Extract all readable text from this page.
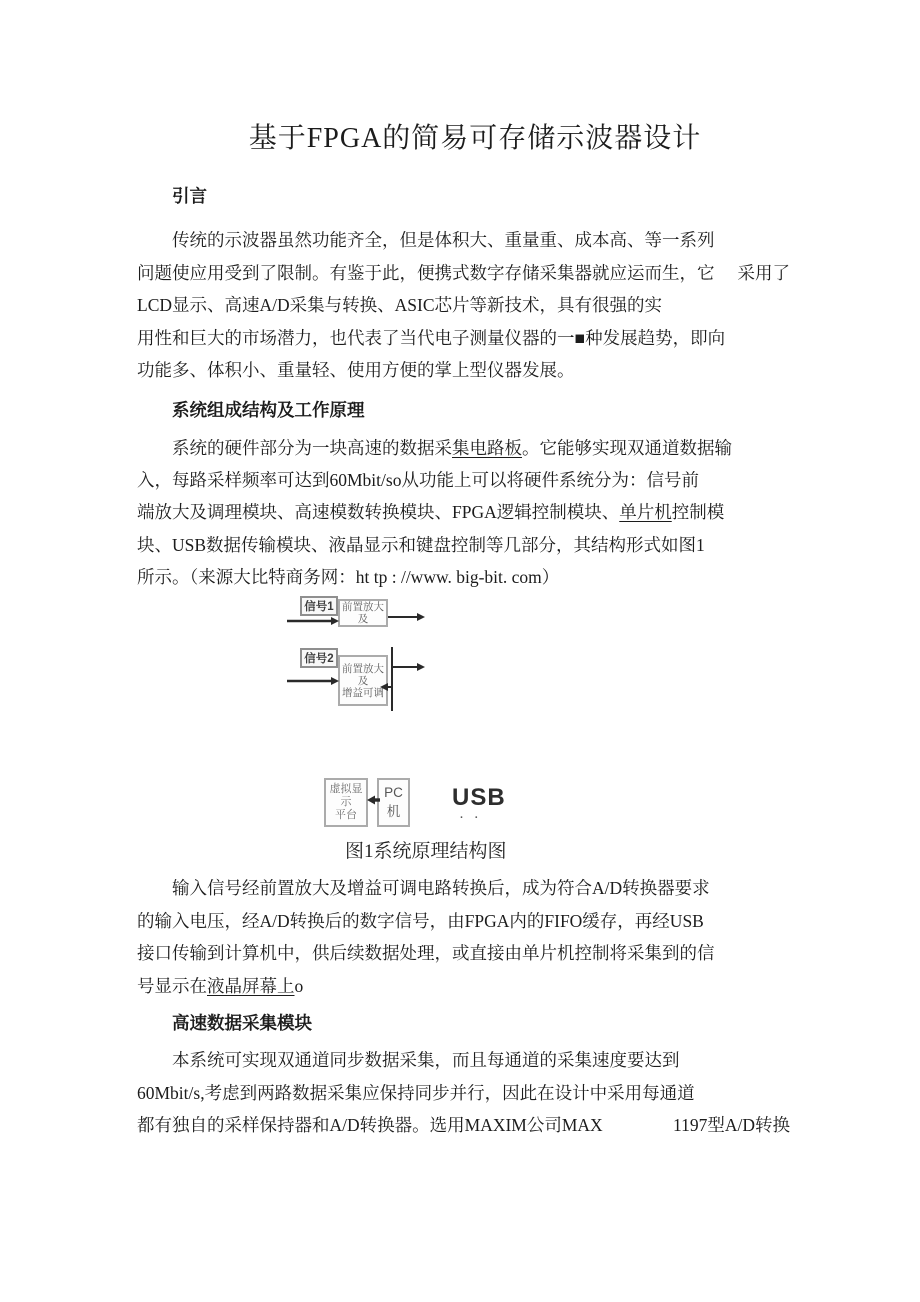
基于FPGA的简易可存储示波器设计
引言
传统的示波器虽然功能齐全，但是体积大、重量重、成本高、等一系列
问题使应用受到了限制。有鉴于此，便携式数字存储采集器就应运而生，它 采用了
LCD显示、高速A/D采集与转换、ASIC芯片等新技术，具有很强的实
用性和巨大的市场潜力，也代表了当代电子测量仪器的一■种发展趋势，即向
功能多、体积小、重量轻、使用方便的掌上型仪器发展。
系统组成结构及工作原理
系统的硬件部分为一块高速的数据采集电路板。它能够实现双通道数据输
入，每路采样频率可达到60Mbit/so从功能上可以将硬件系统分为：信号前
端放大及调理模块、高速模数转换模块、FPGA逻辑控制模块、单片机控制模
块、USB数据传输模块、液晶显示和键盘控制等几部分，其结构形式如图1
所示。（来源大比特商务网：ht tp : //www. big-bit. com）
信号1 前置放大及
信号2
前置放大及
增益可调
虚拟显示
平台
PC机
USB
· ·
图1系统原理结构图
输入信号经前置放大及增益可调电路转换后，成为符合A/D转换器要求
的输入电压，经A/D转换后的数字信号，由FPGA内的FIFO缓存，再经USB
接口传输到计算机中，供后续数据处理，或直接由单片机控制将采集到的信
号显示在液晶屏幕上o
高速数据采集模块
本系统可实现双通道同步数据采集，而且每通道的采集速度要达到
60Mbit/s,考虑到两路数据采集应保持同步并行，因此在设计中采用每通道
都有独自的采样保持器和A/D转换器。选用MAXIM公司MAX	1197型A/D转换
